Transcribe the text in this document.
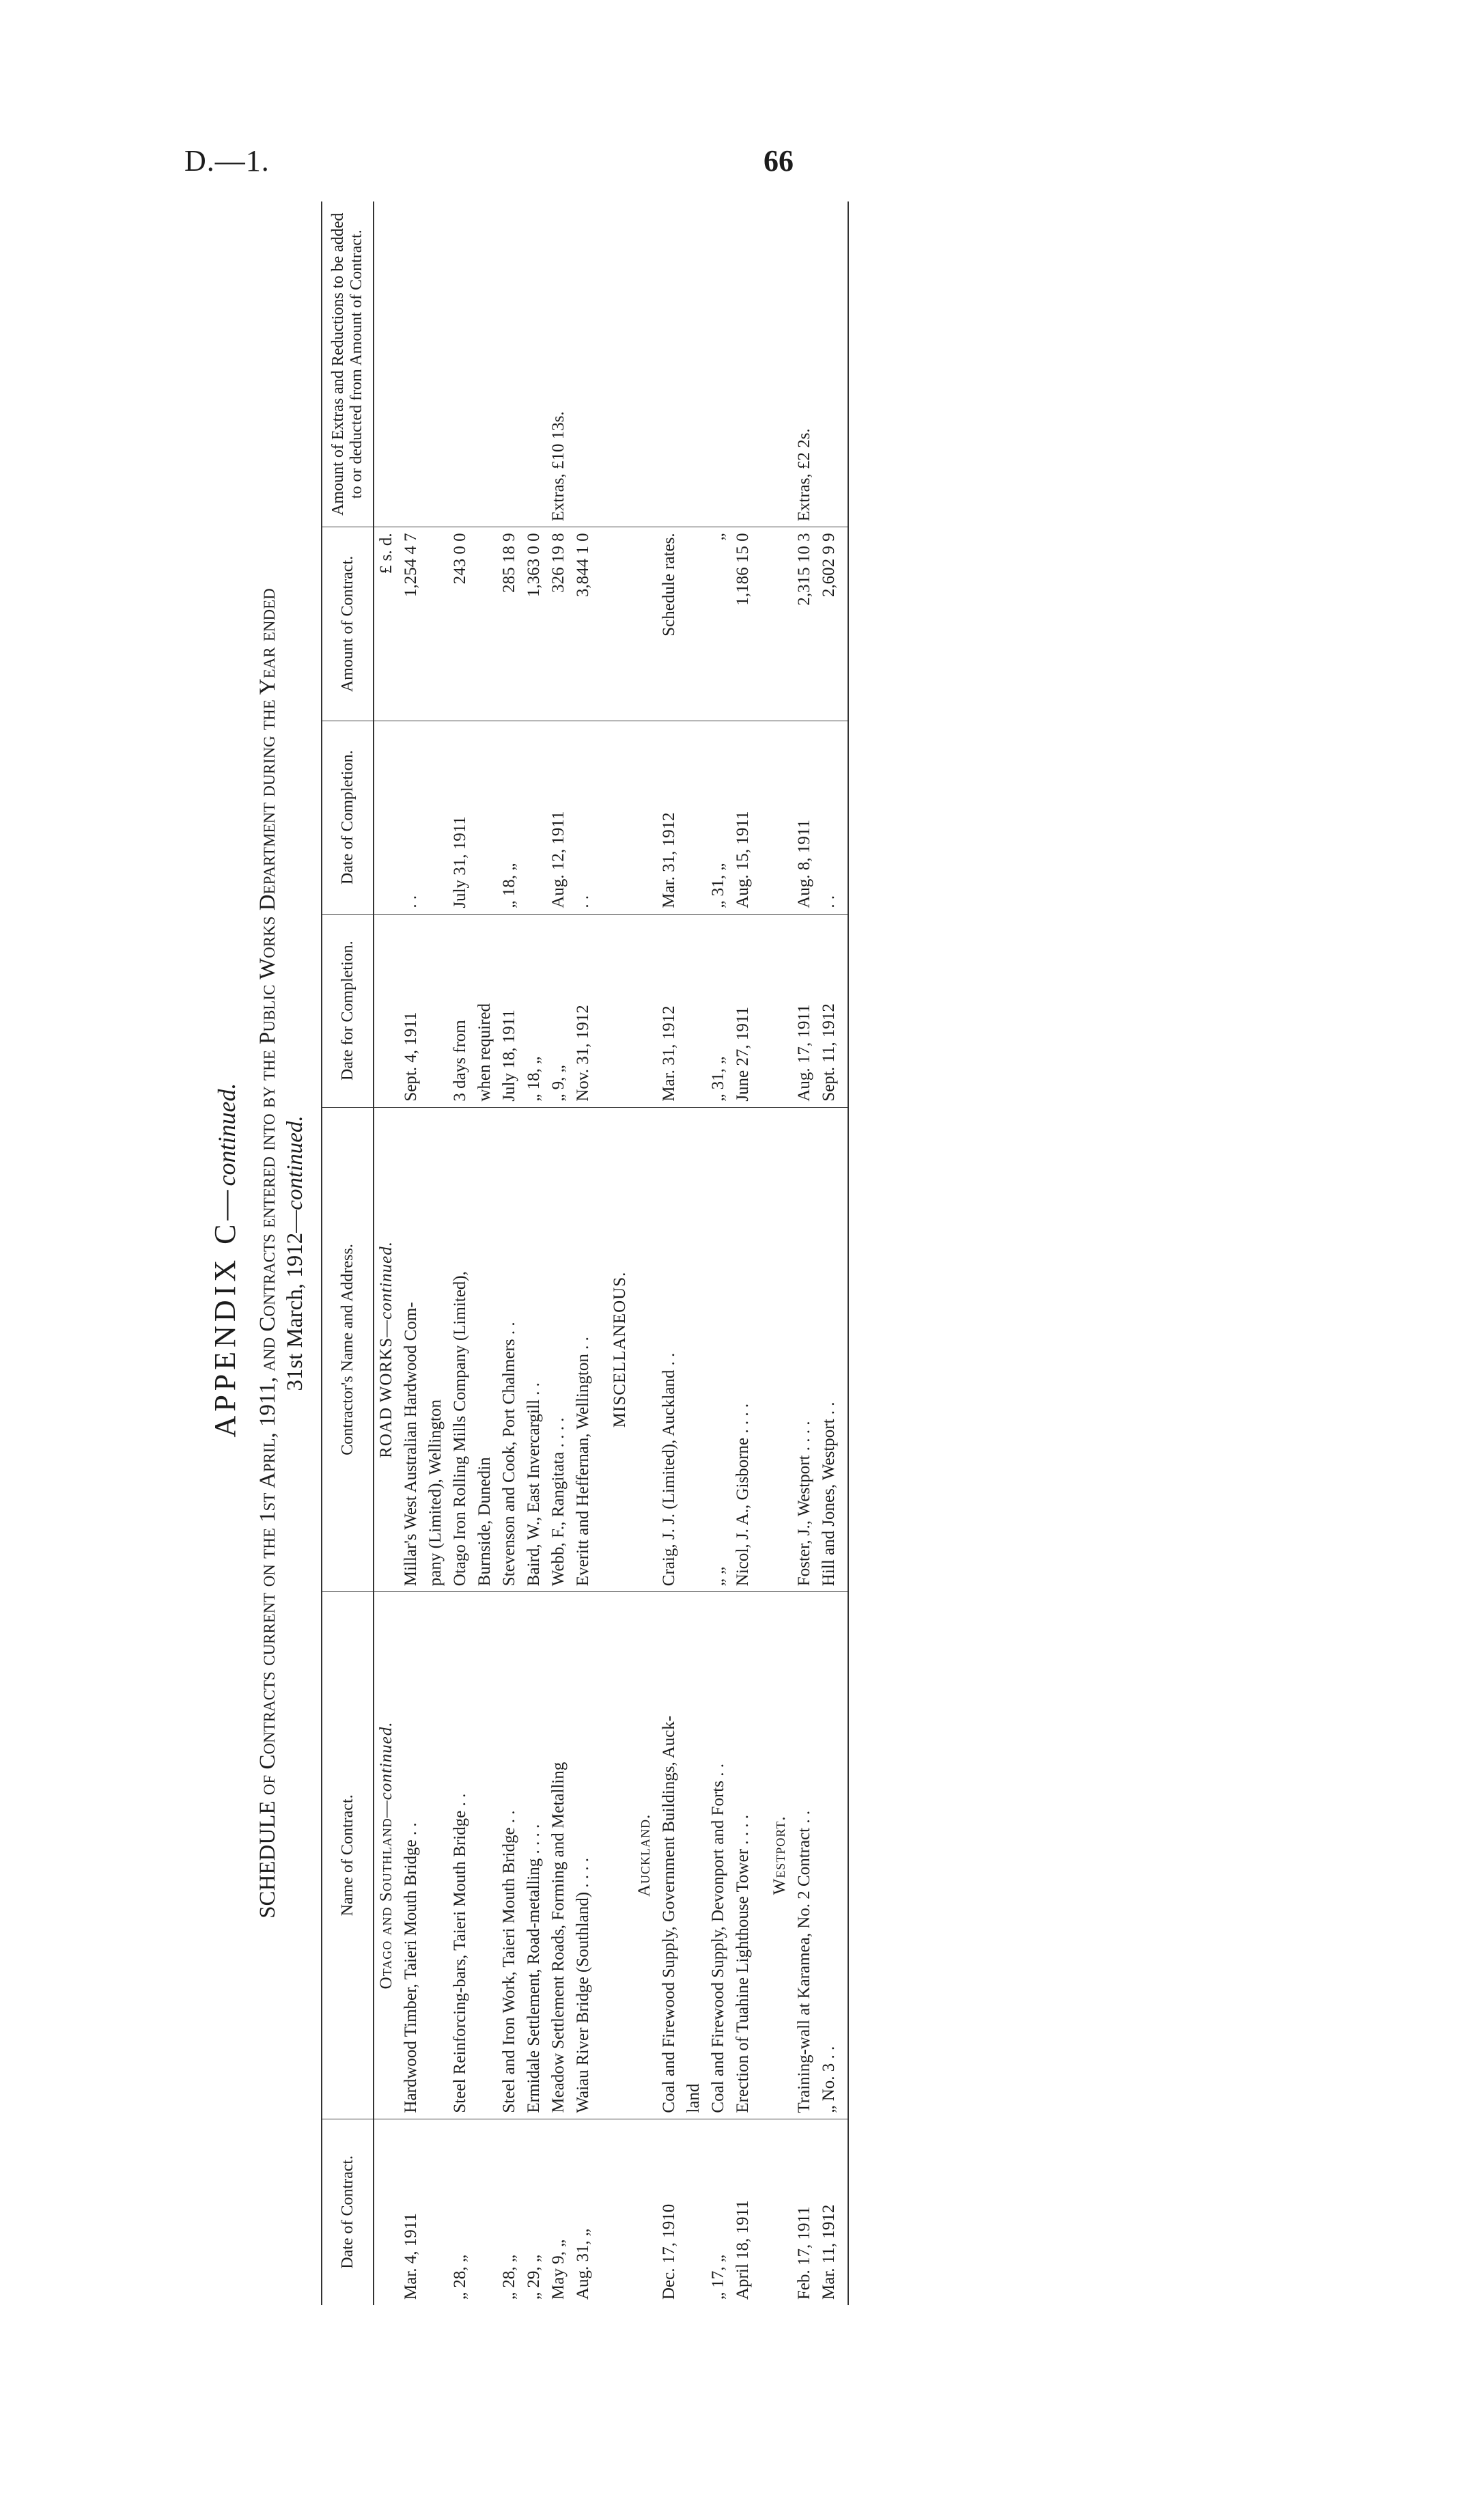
D.—1.	66
APPENDIX C—continued. SCHEDULE of Contracts current on the 1st April, 1911, and Contracts entered into by the Public Works Department during the Year ended 31st March, 1912—continued.
Date of Contract.	Name of Contract.	Contractor's Name and Address.	Date for Completion.	Date of Completion.	Amount of Contract.	Amount of Extras and Reductions to be added to or deducted from Amount of Contract.
	Otago and Southland—continued.	ROAD WORKS—continued.			£ s. d.	
Mar. 4, 1911	Hardwood Timber, Taieri Mouth Bridge . .	Millar's West Australian Hardwood Com-	Sept. 4, 1911	. .	1,254 4 7	
		pany (Limited), Wellington				
„ 28, „	Steel Reinforcing-bars, Taieri Mouth Bridge . .	Otago Iron Rolling Mills Company (Limited),	3 days from	July 31, 1911	243 0 0	
		Burnside, Dunedin	when required			
„ 28, „	Steel and Iron Work, Taieri Mouth Bridge . .	Stevenson and Cook, Port Chalmers . .	July 18, 1911	„ 18, „	285 18 9	
„ 29, „	Ermidale Settlement, Road-metalling . . . .	Baird, W., East Invercargill . .	„ 18, „		1,363 0 0	
May 9, „	Meadow Settlement Roads, Forming and Metalling	Webb, F., Rangitata . . . .	„ 9, „	Aug. 12, 1911	326 19 8	Extras, £10 13s.
Aug. 31, „	Waiau River Bridge (Southland) . . . .	Everitt and Heffernan, Wellington . .	Nov. 31, 1912	. .	3,844 1 0	

		MISCELLANEOUS.				
	Auckland.					
Dec. 17, 1910	Coal and Firewood Supply, Government Buildings, Auck-	Craig, J. J. (Limited), Auckland . .	Mar. 31, 1912	Mar. 31, 1912	Schedule rates.	
	land					
„ 17, „	Coal and Firewood Supply, Devonport and Forts . .	„ „	„ 31, „	„ 31, „	„	
April 18, 1911	Erection of Tuahine Lighthouse Tower . . . .	Nicol, J. A., Gisborne . . . .	June 27, 1911	Aug. 15, 1911	1,186 15 0	

	Westport.					
Feb. 17, 1911	Training-wall at Karamea, No. 2 Contract . .	Foster, J., Westport . . . .	Aug. 17, 1911	Aug. 8, 1911	2,315 10 3	Extras, £2 2s.
Mar. 11, 1912	„ No. 3 . .	Hill and Jones, Westport . .	Sept. 11, 1912	. .	2,602 9 9	
